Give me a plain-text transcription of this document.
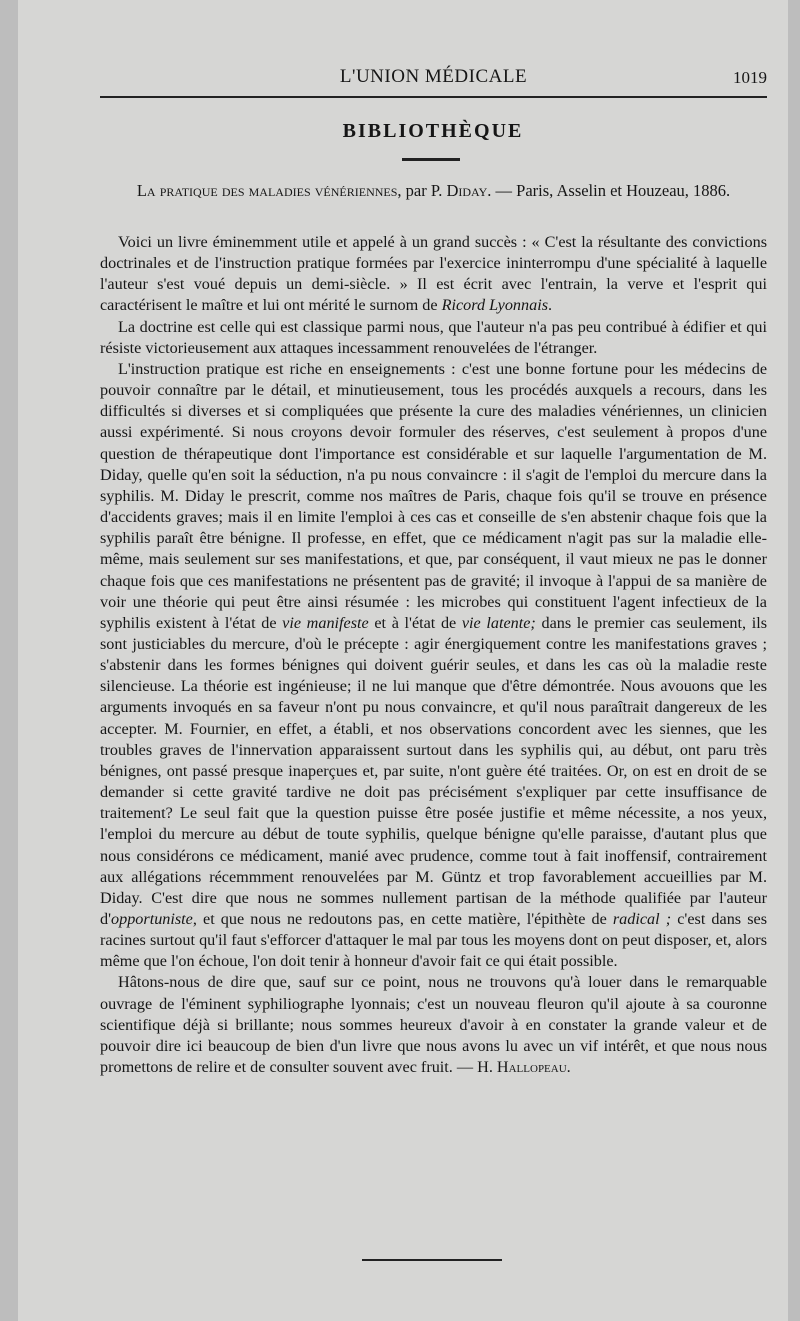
L'UNION MÉDICALE	1019
BIBLIOTHÈQUE
La pratique des maladies vénériennes, par P. Diday. — Paris, Asselin et Houzeau, 1886.

Voici un livre éminemment utile et appelé à un grand succès : « C'est la résultante des convictions doctrinales et de l'instruction pratique formées par l'exercice ininterrompu d'une spécialité à laquelle l'auteur s'est voué depuis un demi-siècle. » Il est écrit avec l'entrain, la verve et l'esprit qui caractérisent le maître et lui ont mérité le surnom de Ricord Lyonnais.

La doctrine est celle qui est classique parmi nous, que l'auteur n'a pas peu contribué à édifier et qui résiste victorieusement aux attaques incessamment renouvelées de l'étranger.

L'instruction pratique est riche en enseignements : c'est une bonne fortune pour les médecins de pouvoir connaître par le détail, et minutieusement, tous les procédés auxquels a recours, dans les difficultés si diverses et si compliquées que présente la cure des maladies vénériennes, un clinicien aussi expérimenté. Si nous croyons devoir formuler des réserves, c'est seulement à propos d'une question de thérapeutique dont l'importance est considérable et sur laquelle l'argumentation de M. Diday, quelle qu'en soit la séduction, n'a pu nous convaincre : il s'agit de l'emploi du mercure dans la syphilis. M. Diday le prescrit, comme nos maîtres de Paris, chaque fois qu'il se trouve en présence d'accidents graves; mais il en limite l'emploi à ces cas et conseille de s'en abstenir chaque fois que la syphilis paraît être bénigne. Il professe, en effet, que ce médicament n'agit pas sur la maladie elle-même, mais seulement sur ses manifestations, et que, par conséquent, il vaut mieux ne pas le donner chaque fois que ces manifestations ne présentent pas de gravité; il invoque à l'appui de sa manière de voir une théorie qui peut être ainsi résumée : les microbes qui constituent l'agent infectieux de la syphilis existent à l'état de vie manifeste et à l'état de vie latente; dans le premier cas seulement, ils sont justiciables du mercure, d'où le précepte : agir énergiquement contre les manifestations graves ; s'abstenir dans les formes bénignes qui doivent guérir seules, et dans les cas où la maladie reste silencieuse. La théorie est ingénieuse; il ne lui manque que d'être démontrée. Nous avouons que les arguments invoqués en sa faveur n'ont pu nous convaincre, et qu'il nous paraîtrait dangereux de les accepter. M. Fournier, en effet, a établi, et nos observations concordent avec les siennes, que les troubles graves de l'innervation apparaissent surtout dans les syphilis qui, au début, ont paru très bénignes, ont passé presque inaperçues et, par suite, n'ont guère été traitées. Or, on est en droit de se demander si cette gravité tardive ne doit pas précisément s'expliquer par cette insuffisance de traitement? Le seul fait que la question puisse être posée justifie et même nécessite, a nos yeux, l'emploi du mercure au début de toute syphilis, quelque bénigne qu'elle paraisse, d'autant plus que nous considérons ce médicament, manié avec prudence, comme tout à fait inoffensif, contrairement aux allégations récemmment renouvelées par M. Güntz et trop favorablement accueillies par M. Diday. C'est dire que nous ne sommes nullement partisan de la méthode qualifiée par l'auteur d'opportuniste, et que nous ne redoutons pas, en cette matière, l'épithète de radical ; c'est dans ses racines surtout qu'il faut s'efforcer d'attaquer le mal par tous les moyens dont on peut disposer, et, alors même que l'on échoue, l'on doit tenir à honneur d'avoir fait ce qui était possible.

Hâtons-nous de dire que, sauf sur ce point, nous ne trouvons qu'à louer dans le remarquable ouvrage de l'éminent syphiliographe lyonnais; c'est un nouveau fleuron qu'il ajoute à sa couronne scientifique déjà si brillante; nous sommes heureux d'avoir à en constater la grande valeur et de pouvoir dire ici beaucoup de bien d'un livre que nous avons lu avec un vif intérêt, et que nous nous promettons de relire et de consulter souvent avec fruit. — H. Hallopeau.
